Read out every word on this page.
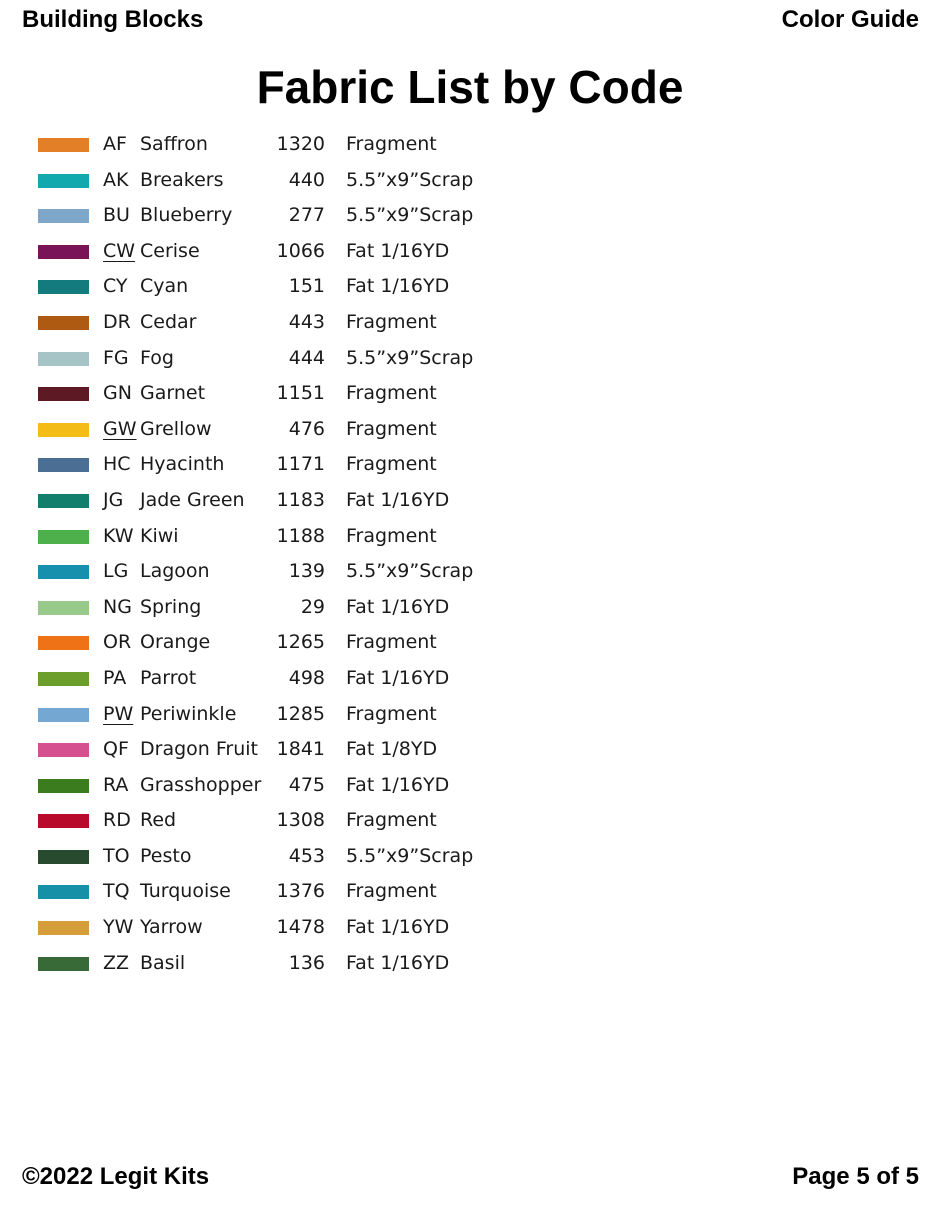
Building Blocks	Color Guide
Fabric List by Code
AF Saffron	1320 Fragment
AK Breakers	440 5.5”x9”Scrap
BU Blueberry	277 5.5”x9”Scrap
CW Cerise	1066 Fat 1/16YD
CY Cyan	151 Fat 1/16YD
DR Cedar	443 Fragment
FG Fog	444 5.5”x9”Scrap
GN Garnet	1151 Fragment
GW Grellow	476 Fragment
HC Hyacinth	1171 Fragment
JG Jade Green 1183 Fat 1/16YD
KW Kiwi	1188 Fragment
LG Lagoon	139 5.5”x9”Scrap
NG Spring	29 Fat 1/16YD
OR Orange	1265 Fragment
PA Parrot	498 Fat 1/16YD
PW Periwinkle 1285 Fragment
QF Dragon Fruit 1841 Fat 1/8YD
RA Grasshopper 475 Fat 1/16YD
RD Red	1308 Fragment
TO Pesto	453 5.5”x9”Scrap
TQ Turquoise 1376 Fragment
YW Yarrow	1478 Fat 1/16YD
ZZ Basil	136 Fat 1/16YD
©2022 Legit Kits	Page 5 of 5
